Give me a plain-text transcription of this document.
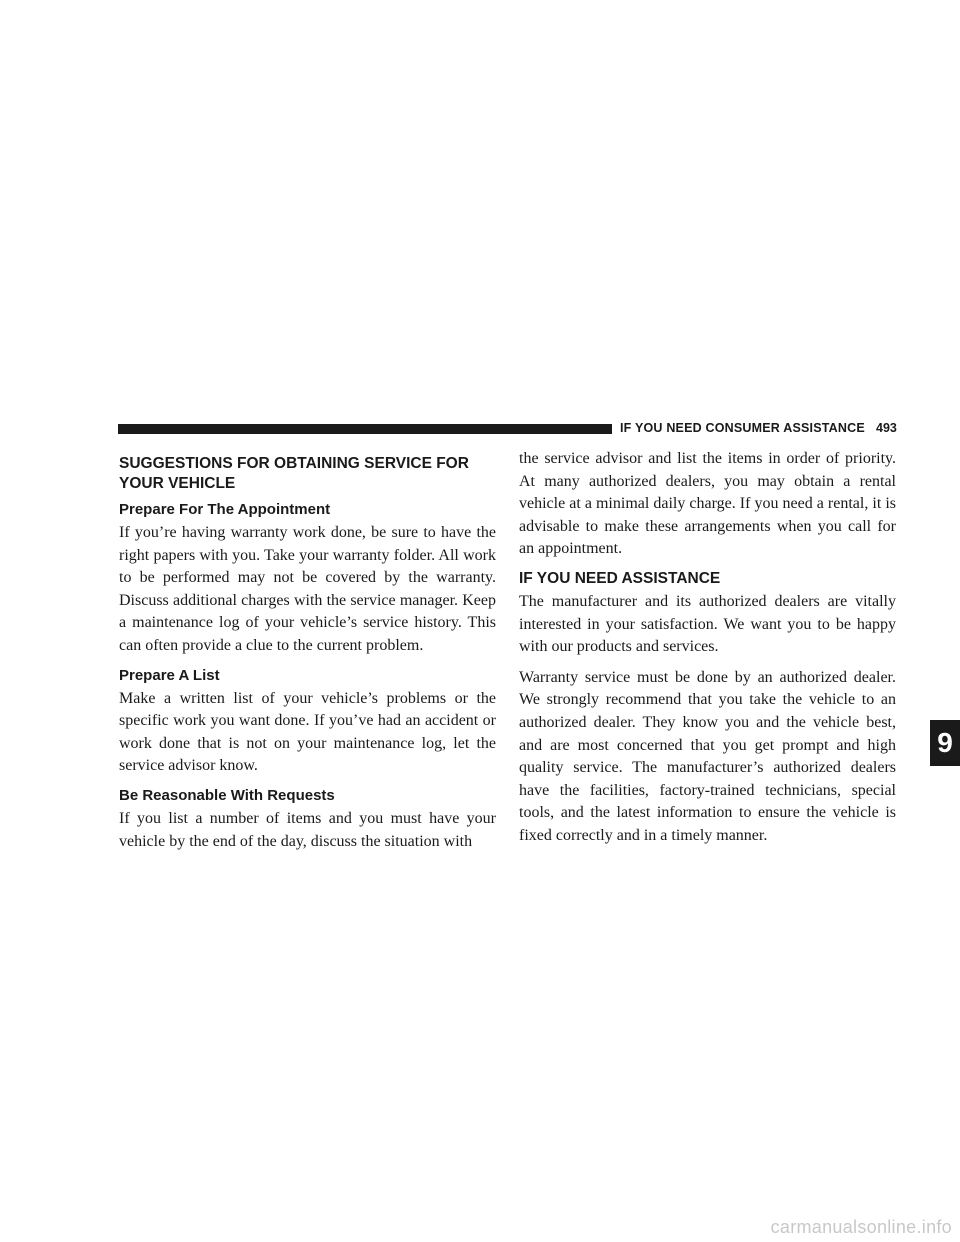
IF YOU NEED CONSUMER ASSISTANCE 493
SUGGESTIONS FOR OBTAINING SERVICE FOR YOUR VEHICLE
Prepare For The Appointment

If you’re having warranty work done, be sure to have the right papers with you. Take your warranty folder. All work to be performed may not be covered by the warranty. Discuss additional charges with the service manager. Keep a maintenance log of your vehicle’s service history. This can often provide a clue to the current problem.

Prepare A List

Make a written list of your vehicle’s problems or the specific work you want done. If you’ve had an accident or work done that is not on your maintenance log, let the service advisor know.

Be Reasonable With Requests

If you list a number of items and you must have your vehicle by the end of the day, discuss the situation with

the service advisor and list the items in order of priority. At many authorized dealers, you may obtain a rental vehicle at a minimal daily charge. If you need a rental, it is advisable to make these arrangements when you call for an appointment.

IF YOU NEED ASSISTANCE

The manufacturer and its authorized dealers are vitally interested in your satisfaction. We want you to be happy with our products and services.

Warranty service must be done by an authorized dealer. We strongly recommend that you take the vehicle to an authorized dealer. They know you and the vehicle best, and are most concerned that you get prompt and high quality service. The manufacturer’s authorized dealers have the facilities, factory-trained technicians, special tools, and the latest information to ensure the vehicle is fixed correctly and in a timely manner.

9
carmanualsonline.info
